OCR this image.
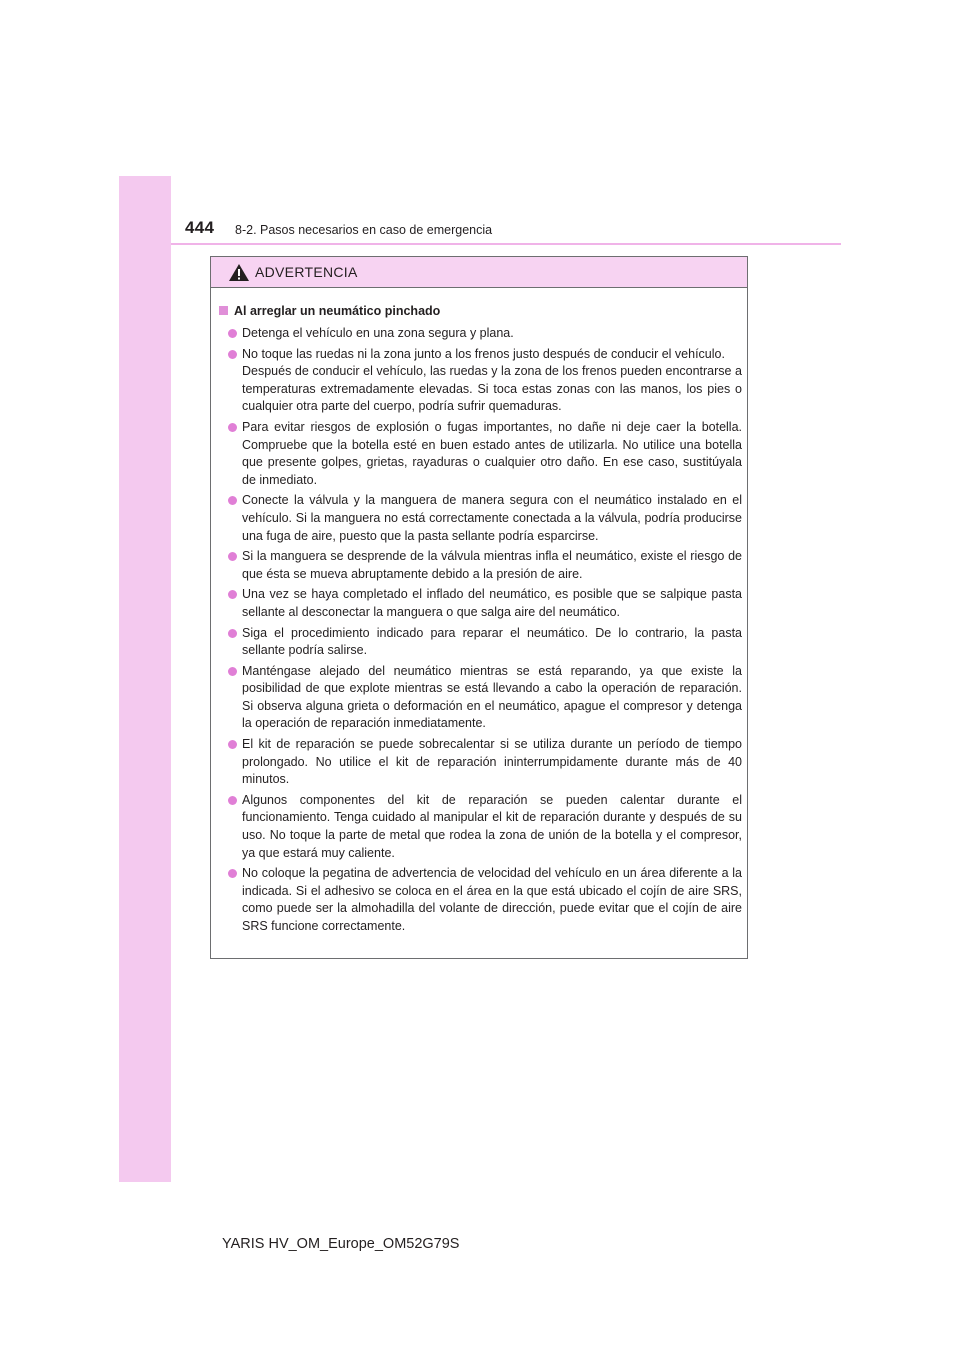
444 8-2. Pasos necesarios en caso de emergencia
ADVERTENCIA
Al arreglar un neumático pinchado
Detenga el vehículo en una zona segura y plana.
No toque las ruedas ni la zona junto a los frenos justo después de conducir el vehículo.
Después de conducir el vehículo, las ruedas y la zona de los frenos pueden encontrarse a temperaturas extremadamente elevadas. Si toca estas zonas con las manos, los pies o cualquier otra parte del cuerpo, podría sufrir quemaduras.
Para evitar riesgos de explosión o fugas importantes, no dañe ni deje caer la botella. Compruebe que la botella esté en buen estado antes de utilizarla. No utilice una botella que presente golpes, grietas, rayaduras o cualquier otro daño. En ese caso, sustitúyala de inmediato.
Conecte la válvula y la manguera de manera segura con el neumático instalado en el vehículo. Si la manguera no está correctamente conectada a la válvula, podría producirse una fuga de aire, puesto que la pasta sellante podría esparcirse.
Si la manguera se desprende de la válvula mientras infla el neumático, existe el riesgo de que ésta se mueva abruptamente debido a la presión de aire.
Una vez se haya completado el inflado del neumático, es posible que se salpique pasta sellante al desconectar la manguera o que salga aire del neumático.
Siga el procedimiento indicado para reparar el neumático. De lo contrario, la pasta sellante podría salirse.
Manténgase alejado del neumático mientras se está reparando, ya que existe la posibilidad de que explote mientras se está llevando a cabo la operación de reparación. Si observa alguna grieta o deformación en el neumático, apague el compresor y detenga la operación de reparación inmediatamente.
El kit de reparación se puede sobrecalentar si se utiliza durante un período de tiempo prolongado. No utilice el kit de reparación ininterrumpidamente durante más de 40 minutos.
Algunos componentes del kit de reparación se pueden calentar durante el funcionamiento. Tenga cuidado al manipular el kit de reparación durante y después de su uso. No toque la parte de metal que rodea la zona de unión de la botella y el compresor, ya que estará muy caliente.
No coloque la pegatina de advertencia de velocidad del vehículo en un área diferente a la indicada. Si el adhesivo se coloca en el área en la que está ubicado el cojín de aire SRS, como puede ser la almohadilla del volante de dirección, puede evitar que el cojín de aire SRS funcione correctamente.
YARIS HV_OM_Europe_OM52G79S
